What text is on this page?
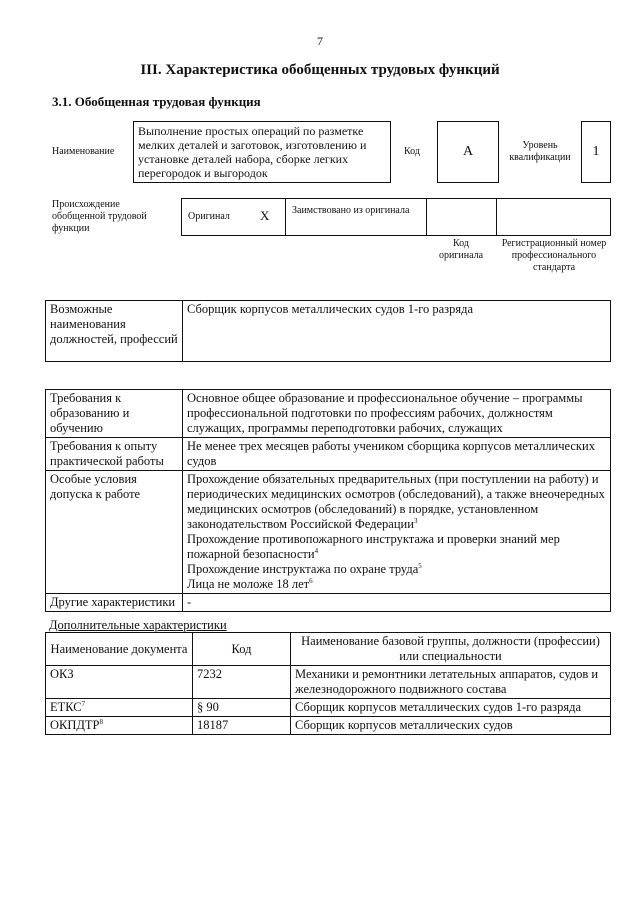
7
III. Характеристика обобщенных трудовых функций
3.1. Обобщенная трудовая функция
Наименование
Выполнение простых операций по разметке мелких деталей и заготовок, изготовлению и установке деталей набора, сборке легких перегородок и выгородок
Код	А	Уровень квалификации	1
Происхождение обобщенной трудовой функции
Оригинал X Заимствовано из оригинала
Код оригинала
Регистрационный номер профессионального стандарта
Возможные наименования должностей, профессий	Сборщик корпусов металлических судов 1-го разряда
Требования к образованию и обучению	Основное общее образование и профессиональное обучение – программы профессиональной подготовки по профессиям рабочих, должностям служащих, программы переподготовки рабочих, служащих

Требования к опыту практической работы	Не менее трех месяцев работы учеником сборщика корпусов металлических судов

Особые условия допуска к работе	Прохождение обязательных предварительных (при поступлении на работу) и периодических медицинских осмотров (обследований), а также внеочередных медицинских осмотров (обследований) в порядке, установленном законодательством Российской Федерации$^3$
Прохождение противопожарного инструктажа и проверки знаний мер пожарной безопасности$^4$
Прохождение инструктажа по охране труда$^5$
Лица не моложе 18 лет$^6$

Другие характеристики	-
Дополнительные характеристики
Наименование документа	Код	Наименование базовой группы, должности (профессии) или специальности
ОКЗ	7232	Механики и ремонтники летательных аппаратов, судов и железнодорожного подвижного состава
ЕТКС$^7$	§ 90	Сборщик корпусов металлических судов 1-го разряда
ОКПДТР$^8$	18187	Сборщик корпусов металлических судов
